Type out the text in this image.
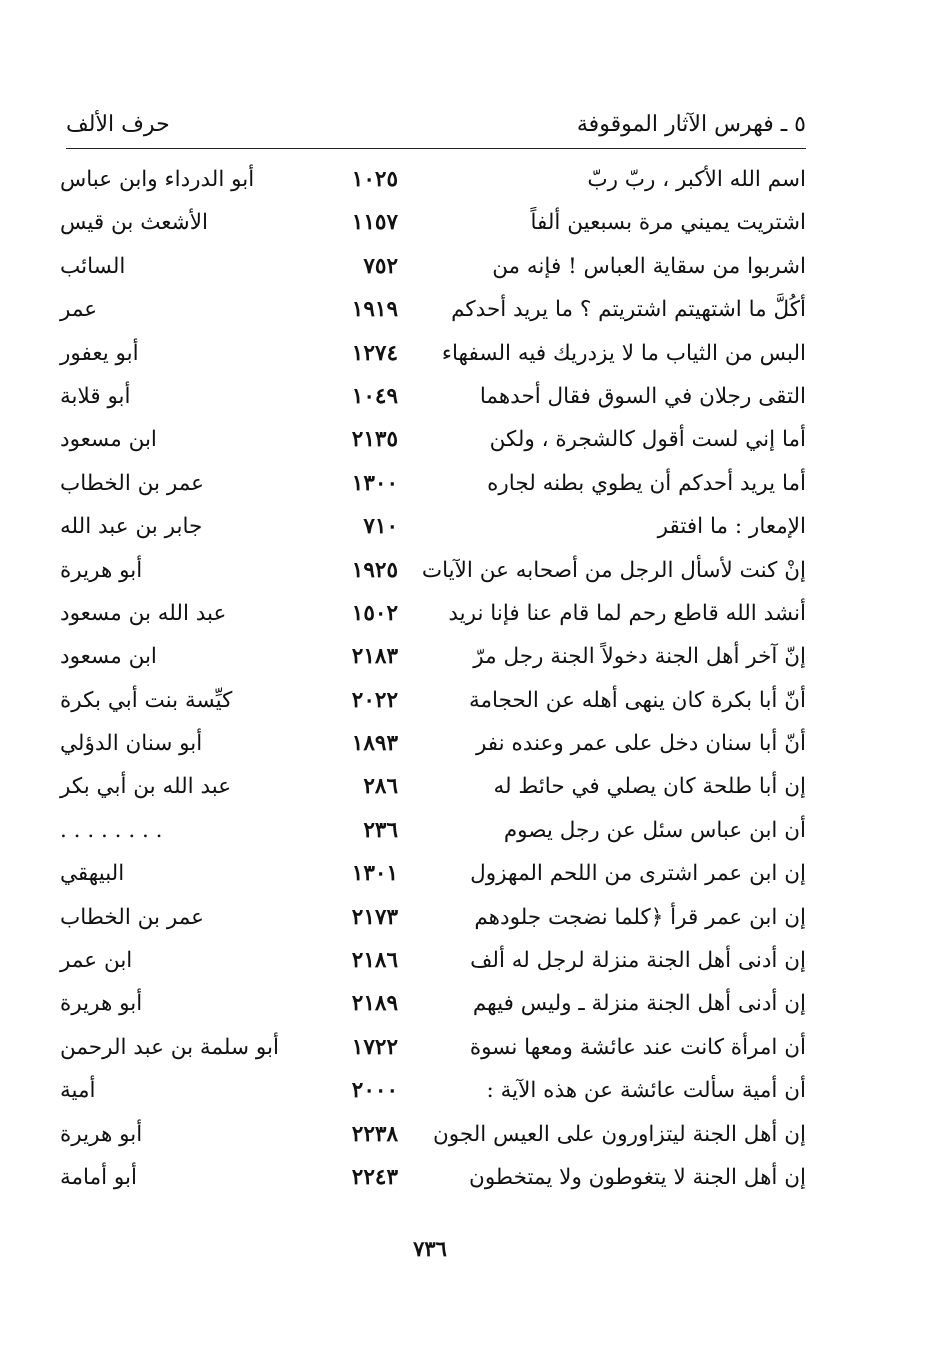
٥ ـ فهرس الآثار الموقوفة
حرف الألف
اسم الله الأكبر ، ربّ ربّ
١٠٢٥
أبو الدرداء وابن عباس
اشتريت يميني مرة بسبعين ألفاً
١١٥٧
الأشعث بن قيس
اشربوا من سقاية العباس ! فإنه من
٧٥٢
السائب
أكُلَّ ما اشتهيتم اشتريتم ؟ ما يريد أحدكم
١٩١٩
عمر
البس من الثياب ما لا يزدريك فيه السفهاء
١٢٧٤
أبو يعفور
التقى رجلان في السوق فقال أحدهما
١٠٤٩
أبو قلابة
أما إني لست أقول كالشجرة ، ولكن
٢١٣٥
ابن مسعود
أما يريد أحدكم أن يطوي بطنه لجاره
١٣٠٠
عمر بن الخطاب
الإمعار : ما افتقر
٧١٠
جابر بن عبد الله
إنْ كنت لأسأل الرجل من أصحابه عن الآيات
١٩٢٥
أبو هريرة
أنشد الله قاطع رحم لما قام عنا فإنا نريد
١٥٠٢
عبد الله بن مسعود
إنّ آخر أهل الجنة دخولاً الجنة رجل مرّ
٢١٨٣
ابن مسعود
أنّ أبا بكرة كان ينهى أهله عن الحجامة
٢٠٢٢
كيِّسة بنت أبي بكرة
أنّ أبا سنان دخل على عمر وعنده نفر
١٨٩٣
أبو سنان الدؤلي
إن أبا طلحة كان يصلي في حائط له
٢٨٦
عبد الله بن أبي بكر
أن ابن عباس سئل عن رجل يصوم
٢٣٦
. . . . . . . .
إن ابن عمر اشترى من اللحم المهزول
١٣٠١
البيهقي
إن ابن عمر قرأ ﴿كلما نضجت جلودهم
٢١٧٣
عمر بن الخطاب
إن أدنى أهل الجنة منزلة لرجل له ألف
٢١٨٦
ابن عمر
إن أدنى أهل الجنة منزلة ـ وليس فيهم
٢١٨٩
أبو هريرة
أن امرأة كانت عند عائشة ومعها نسوة
١٧٢٢
أبو سلمة بن عبد الرحمن
أن أمية سألت عائشة عن هذه الآية :
٢٠٠٠
أمية
إن أهل الجنة ليتزاورون على العيس الجون
٢٢٣٨
أبو هريرة
إن أهل الجنة لا يتغوطون ولا يمتخطون
٢٢٤٣
أبو أمامة
٧٣٦
